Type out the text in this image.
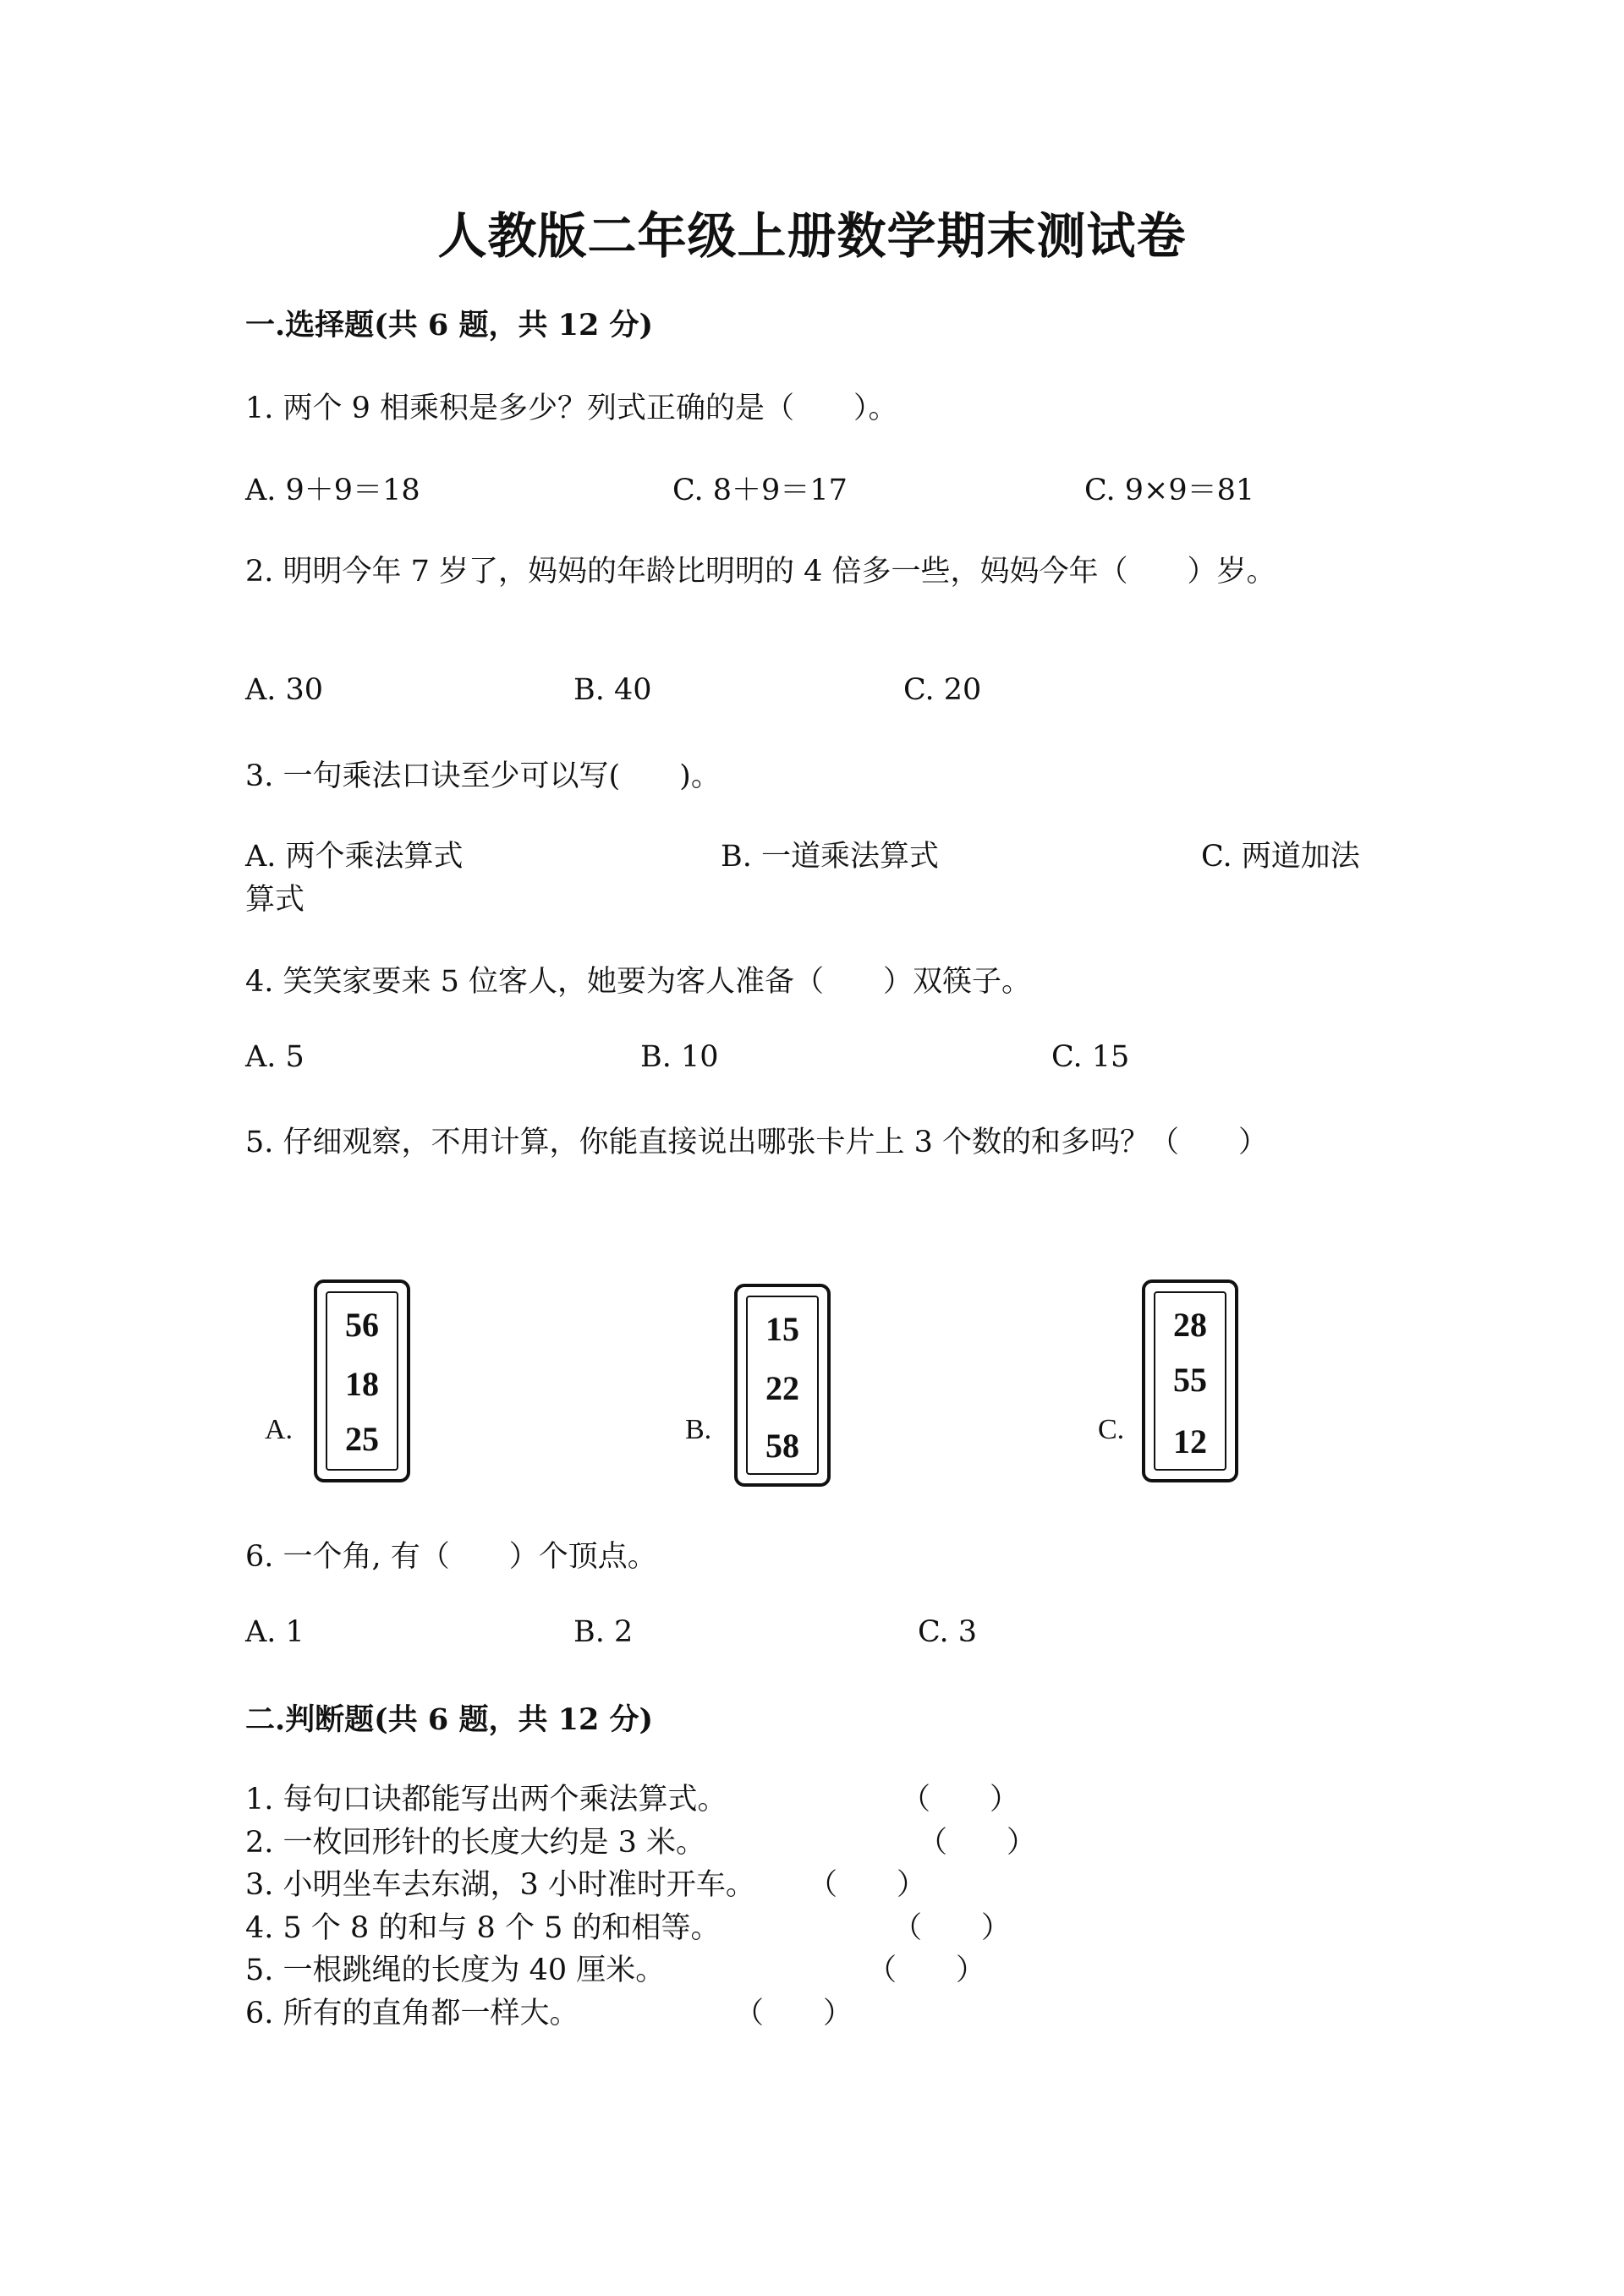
人教版二年级上册数学期末测试卷
一.选择题(共 6 题，共 12 分)
1. 两个 9 相乘积是多少？列式正确的是（　　）。
A. 9＋9＝18	C. 8＋9＝17	C. 9×9＝81
2. 明明今年 7 岁了，妈妈的年龄比明明的 4 倍多一些，妈妈今年（　　）岁。
A. 30	B. 40	C. 20
3. 一句乘法口诀至少可以写(　　)。
A. 两个乘法算式	B. 一道乘法算式	C. 两道加法
算式
4. 笑笑家要来 5 位客人，她要为客人准备（　　）双筷子。
A. 5	B. 10	C. 15
5. 仔细观察，不用计算，你能直接说出哪张卡片上 3 个数的和多吗？（　　）
A.
56
18
25	B.
15
22
58	C.
28
55
12
6. 一个角, 有（　　）个顶点。
A. 1	B. 2	C. 3
二.判断题(共 6 题，共 12 分)
1. 每句口诀都能写出两个乘法算式。	（　　）
2. 一枚回形针的长度大约是 3 米。	（　　）
3. 小明坐车去东湖，3 小时准时开车。 （　　）
4. 5 个 8 的和与 8 个 5 的和相等。	（　　）
5. 一根跳绳的长度为 40 厘米。	（　　）
6. 所有的直角都一样大。	（　　）
